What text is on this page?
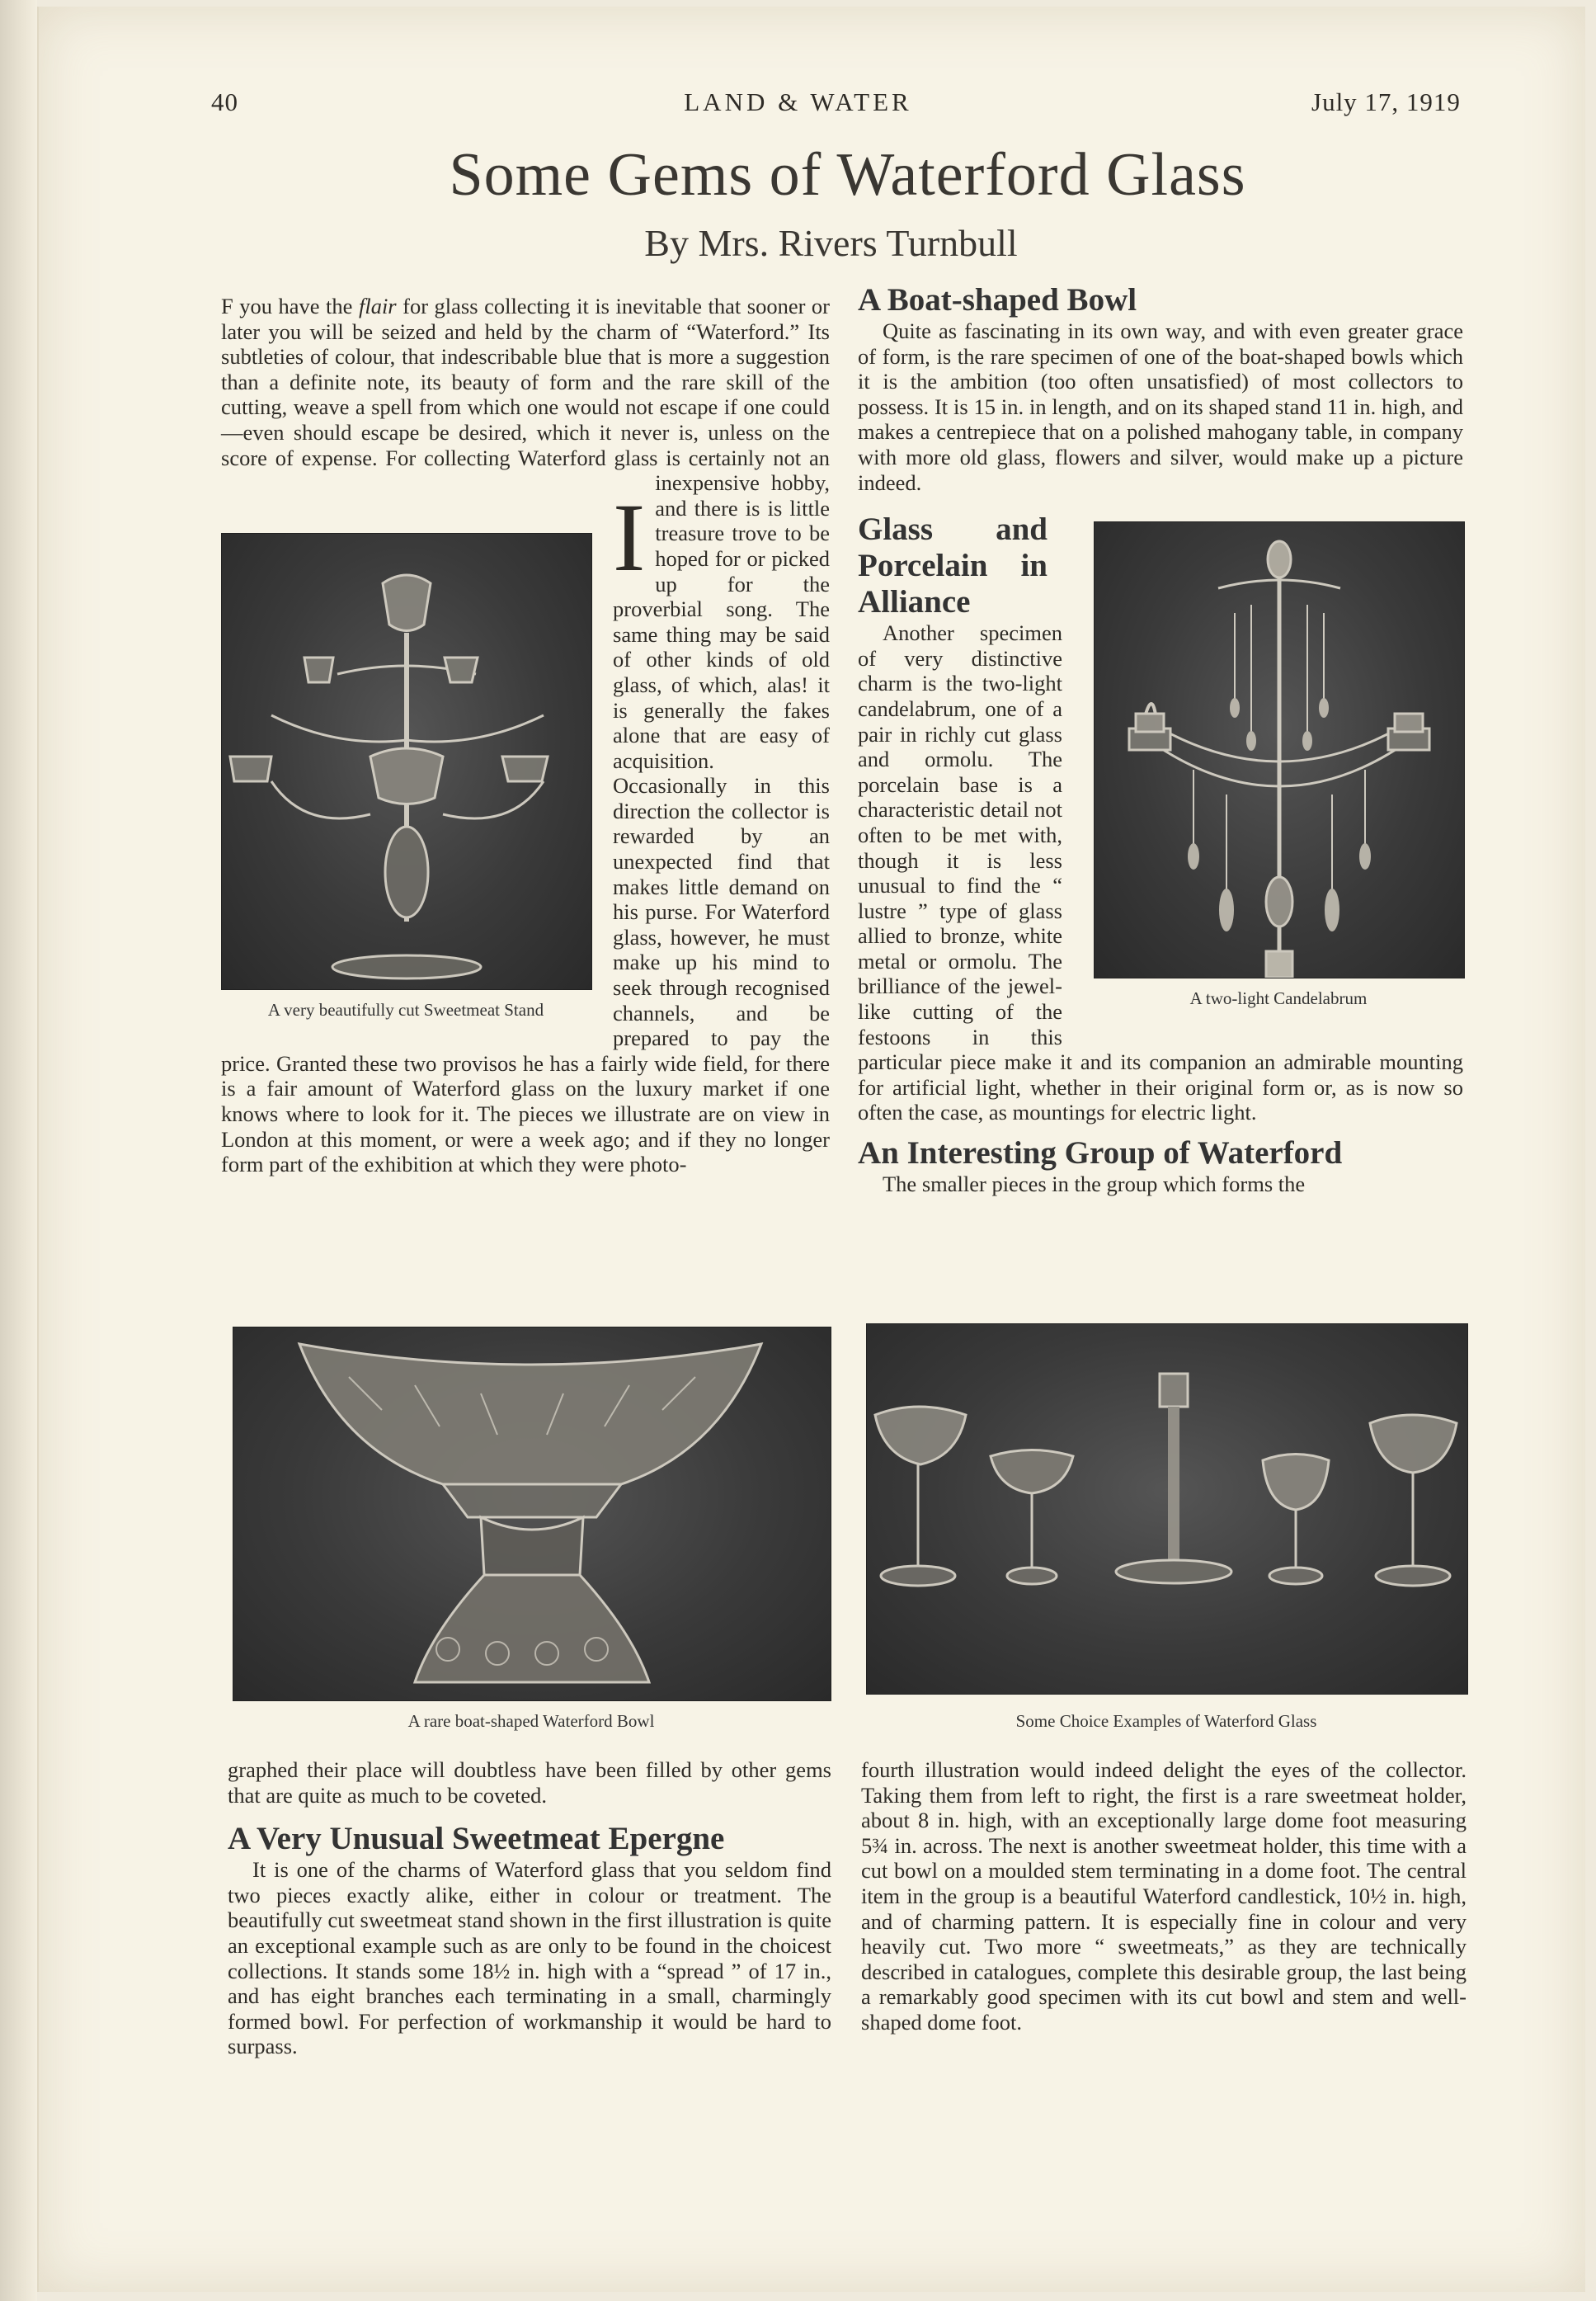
40	LAND & WATER	July 17, 1919
Some Gems of Waterford Glass
By Mrs. Rivers Turnbull
A very beautifully cut Sweetmeat Stand
A two-light Candelabrum

I
F you have the flair for glass collecting it is inevitable that sooner or later you will be seized and held by the charm of “Waterford.” Its subtleties of colour, that indescribable blue that is more a suggestion than a definite note, its beauty of form and the rare skill of the cutting, weave a spell from which one would not escape if one could—even should escape be desired, which it never is, unless on the score of expense. For collecting Waterford glass is certainly not an inexpensive hobby, and there is is little treasure trove to be hoped for or picked up for the proverbial song. The same thing may be said of other kinds of old glass, of which, alas! it is generally the fakes alone that are easy of acquisition. Occasionally in this direction the collector is rewarded by an unexpected find that makes little demand on his purse. For Waterford glass, however, he must make up his mind to seek through recognised channels, and be prepared to pay the price. Granted these two provisos he has a fairly wide field, for there is a fair amount of Waterford glass on the luxury market if one knows where to look for it. The pieces we illustrate are on view in London at this moment, or were a week ago; and if they no longer form part of the exhibition at which they were photo-

A Boat-shaped Bowl

Quite as fascinating in its own way, and with even greater grace of form, is the rare specimen of one of the boat-shaped bowls which it is the ambition (too often unsatisfied) of most collectors to possess. It is 15 in. in length, and on its shaped stand 11 in. high, and makes a centrepiece that on a polished mahogany table, in company with more old glass, flowers and silver, would make up a picture indeed.

Glass and Porcelain in Alliance

Another specimen of very distinctive charm is the two-light candelabrum, one of a pair in richly cut glass and ormolu. The porcelain base is a characteristic detail not often to be met with, though it is less unusual to find the “ lustre ” type of glass allied to bronze, white metal or ormolu. The brilliance of the jewel-like cutting of the festoons in this particular piece make it and its companion an admirable mounting for artificial light, whether in their original form or, as is now so often the case, as mountings for electric light.

An Interesting Group of Waterford

The smaller pieces in the group which forms the

A rare boat-shaped Waterford Bowl	Some Choice Examples of Waterford Glass

graphed their place will doubtless have been filled by other gems that are quite as much to be coveted.

A Very Unusual Sweetmeat Epergne

It is one of the charms of Waterford glass that you seldom find two pieces exactly alike, either in colour or treatment. The beautifully cut sweetmeat stand shown in the first illustration is quite an exceptional example such as are only to be found in the choicest collections. It stands some 18½ in. high with a “spread ” of 17 in., and has eight branches each terminating in a small, charmingly formed bowl. For perfection of workmanship it would be hard to surpass.

fourth illustration would indeed delight the eyes of the collector. Taking them from left to right, the first is a rare sweetmeat holder, about 8 in. high, with an exceptionally large dome foot measuring 5¾ in. across. The next is another sweetmeat holder, this time with a cut bowl on a moulded stem terminating in a dome foot. The central item in the group is a beautiful Waterford candlestick, 10½ in. high, and of charming pattern. It is especially fine in colour and very heavily cut. Two more “ sweetmeats,” as they are technically described in catalogues, complete this desirable group, the last being a remarkably good specimen with its cut bowl and stem and well-shaped dome foot.
